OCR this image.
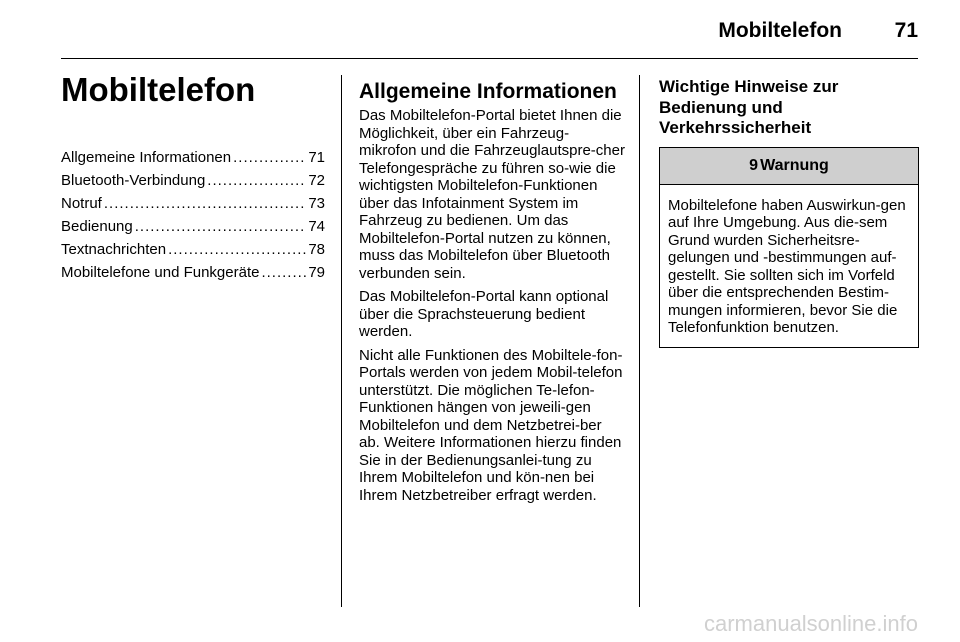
Mobiltelefon	71
Mobiltelefon
Allgemeine Informationen .....	71
Bluetooth-Verbindung .....	72
Notruf .....	73
Bedienung .....	74
Textnachrichten .....	78
Mobiltelefone und Funkgeräte .....	79
Allgemeine Informationen

Das Mobiltelefon-Portal bietet Ihnen die Möglichkeit, über ein Fahrzeug-mikrofon und die Fahrzeuglautspre-cher Telefongespräche zu führen so-wie die wichtigsten Mobiltelefon-Funktionen über das Infotainment System im Fahrzeug zu bedienen. Um das Mobiltelefon-Portal nutzen zu können, muss das Mobiltelefon über Bluetooth verbunden sein.

Das Mobiltelefon-Portal kann optional über die Sprachsteuerung bedient werden.

Nicht alle Funktionen des Mobiltele-fon-Portals werden von jedem Mobil-telefon unterstützt. Die möglichen Te-lefon-Funktionen hängen von jeweili-gen Mobiltelefon und dem Netzbetrei-ber ab. Weitere Informationen hierzu finden Sie in der Bedienungsanlei-tung zu Ihrem Mobiltelefon und kön-nen bei Ihrem Netzbetreiber erfragt werden.

Wichtige Hinweise zur Bedienung und Verkehrssicherheit
9 Warnung
Mobiltelefone haben Auswirkun-gen auf Ihre Umgebung. Aus die-sem Grund wurden Sicherheitsre-gelungen und -bestimmungen auf-gestellt. Sie sollten sich im Vorfeld über die entsprechenden Bestim-mungen informieren, bevor Sie die Telefonfunktion benutzen.
carmanualsonline.info
